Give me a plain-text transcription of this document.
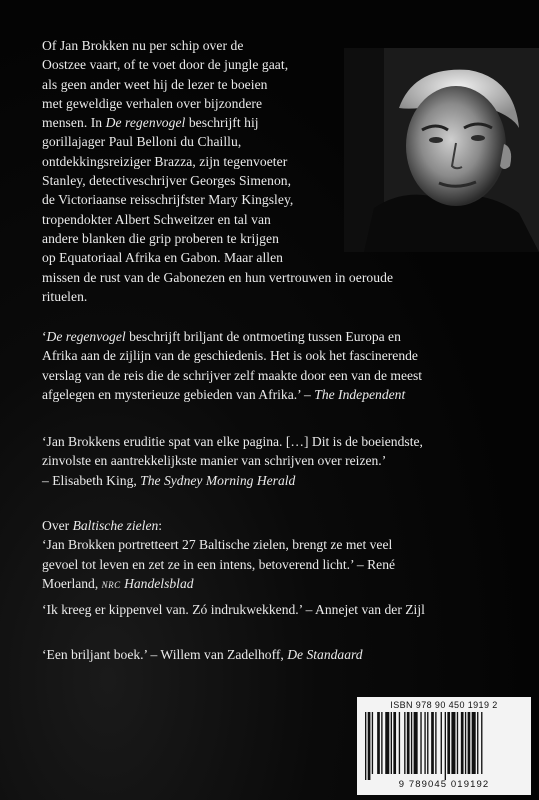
Of Jan Brokken nu per schip over de
Oostzee vaart, of te voet door de jungle gaat,
als geen ander weet hij de lezer te boeien
met geweldige verhalen over bijzondere
mensen. In De regenvogel beschrijft hij
gorillajager Paul Belloni du Chaillu,
ontdekkingsreiziger Brazza, zijn tegenvoeter
Stanley, detectiveschrijver Georges Simenon,
de Victoriaanse reisschrijfster Mary Kingsley,
tropendokter Albert Schweitzer en tal van
andere blanken die grip proberen te krijgen
op Equatoriaal Afrika en Gabon. Maar allen
missen de rust van de Gabonezen en hun vertrouwen in oeroude
rituelen.
‘De regenvogel beschrijft briljant de ontmoeting tussen Europa en
Afrika aan de zijlijn van de geschiedenis. Het is ook het fascinerende
verslag van de reis die de schrijver zelf maakte door een van de meest
afgelegen en mysterieuze gebieden van Afrika.’ – The Independent
‘Jan Brokkens eruditie spat van elke pagina. […] Dit is de boeiendste,
zinvolste en aantrekkelijkste manier van schrijven over reizen.’
– Elisabeth King, The Sydney Morning Herald
Over Baltische zielen:
‘Jan Brokken portretteert 27 Baltische zielen, brengt ze met veel
gevoel tot leven en zet ze in een intens, betoverend licht.’ – René
Moerland, NRC Handelsblad
‘Ik kreeg er kippenvel van. Zó indrukwekkend.’ – Annejet van der Zijl
‘Een briljant boek.’ – Willem van Zadelhoff, De Standaard
ISBN 978 90 450 1919 2
9 789045 019192
